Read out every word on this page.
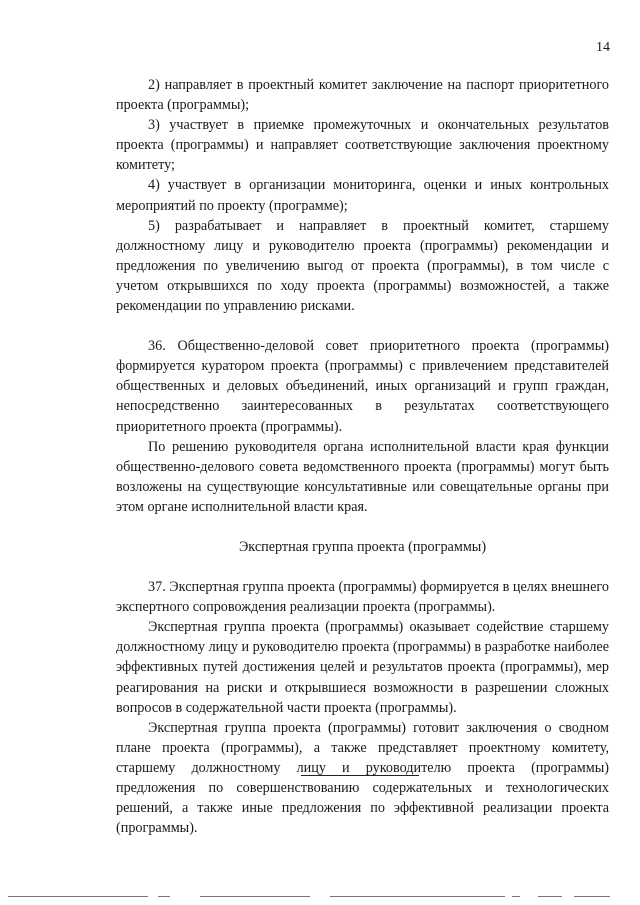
14

2) направляет в проектный комитет заключение на паспорт приоритетного проекта (программы);

3) участвует в приемке промежуточных и окончательных результатов проекта (программы) и направляет соответствующие заключения проектному комитету;

4) участвует в организации мониторинга, оценки и иных контрольных мероприятий по проекту (программе);

5) разрабатывает и направляет в проектный комитет, старшему должностному лицу и руководителю проекта (программы) рекомендации и предложения по увеличению выгод от проекта (программы), в том числе с учетом открывшихся по ходу проекта (программы) возможностей, а также рекомендации по управлению рисками.

36. Общественно-деловой совет приоритетного проекта (программы) формируется куратором проекта (программы) с привлечением представителей общественных и деловых объединений, иных организаций и групп граждан, непосредственно заинтересованных в результатах соответствующего приоритетного проекта (программы).

По решению руководителя органа исполнительной власти края функции общественно-делового совета ведомственного проекта (программы) могут быть возложены на существующие консультативные или совещательные органы при этом органе исполнительной власти края.

Экспертная группа проекта (программы)

37. Экспертная группа проекта (программы) формируется в целях внешнего экспертного сопровождения реализации проекта (программы).

Экспертная группа проекта (программы) оказывает содействие старшему должностному лицу и руководителю проекта (программы) в разработке наиболее эффективных путей достижения целей и результатов проекта (программы), мер реагирования на риски и открывшиеся возможности в разрешении сложных вопросов в содержательной части проекта (программы).

Экспертная группа проекта (программы) готовит заключения о сводном плане проекта (программы), а также представляет проектному комитету, старшему должностному лицу и руководителю проекта (программы) предложения по совершенствованию содержательных и технологических решений, а также иные предложения по эффективной реализации проекта (программы).
